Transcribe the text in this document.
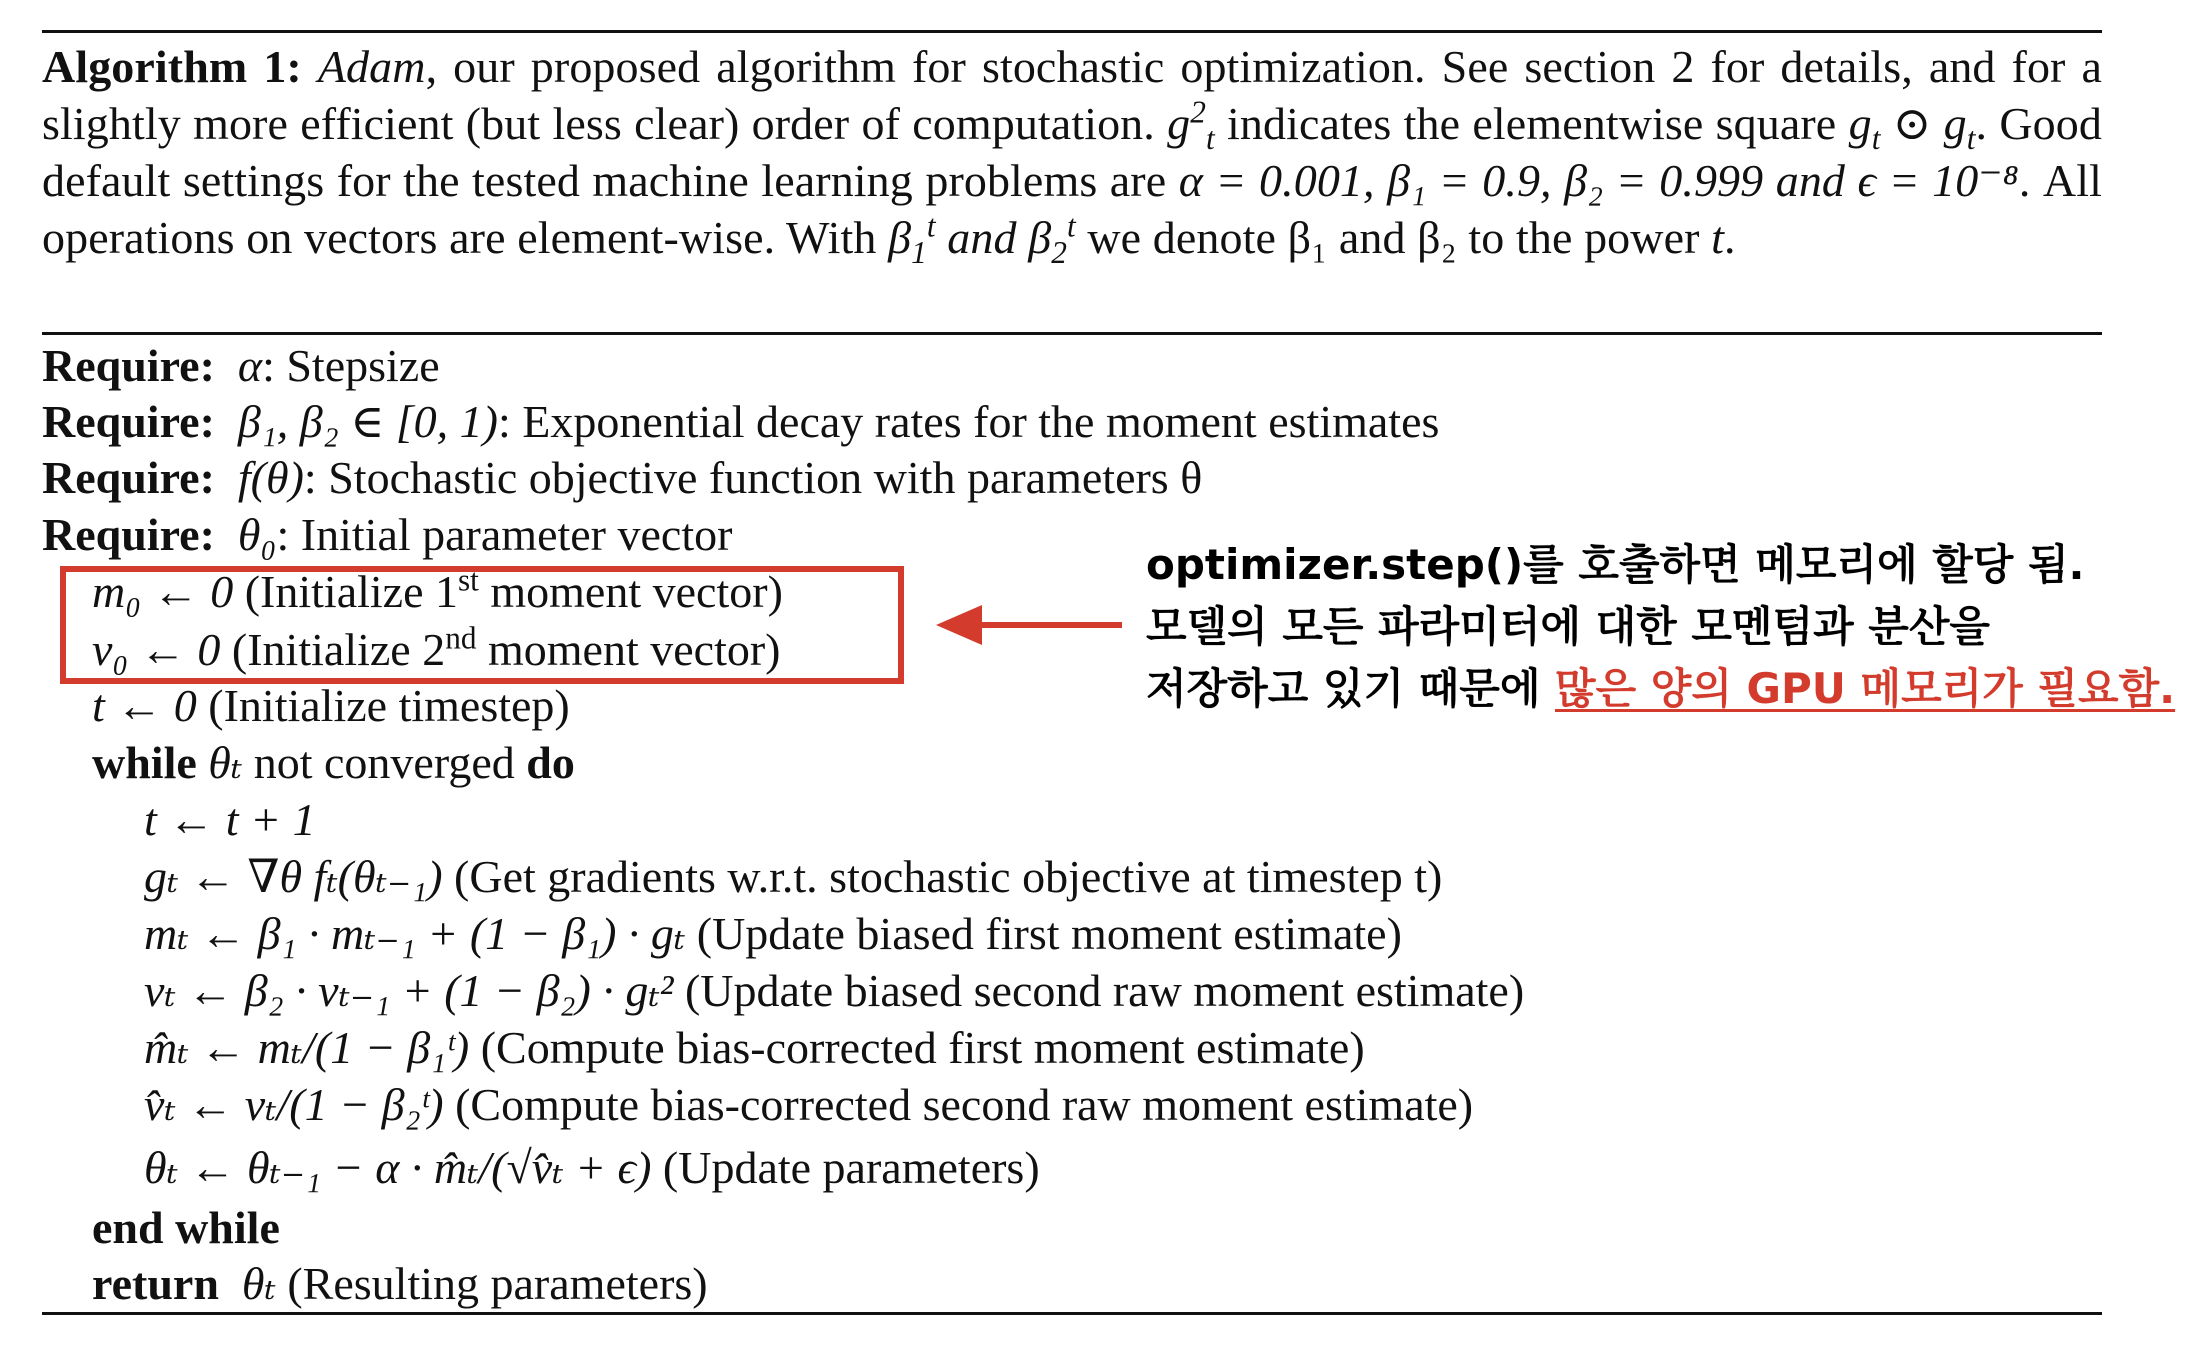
Algorithm 1: Adam, our proposed algorithm for stochastic optimization. See section 2 for details, and for a slightly more efficient (but less clear) order of computation. $g^2_t$ indicates the elementwise square $g_t$ ⊙ $g_t$. Good default settings for the tested machine learning problems are α = 0.001, β₁ = 0.9, β₂ = 0.999 and ϵ = 10⁻⁸. All operations on vectors are element-wise. With $\beta_1^t$ and $\beta_2^t$ we denote β₁ and β₂ to the power t.
Require: α: Stepsize
Require: β₁, β₂ ∈ [0, 1): Exponential decay rates for the moment estimates
Require: f(θ): Stochastic objective function with parameters θ
Require: θ₀: Initial parameter vector
m₀ ← 0 (Initialize 1st moment vector)
v₀ ← 0 (Initialize 2nd moment vector)
t ← 0 (Initialize timestep)
while θₜ not converged do
t ← t + 1
gₜ ← ∇θ fₜ(θₜ₋₁) (Get gradients w.r.t. stochastic objective at timestep t)
mₜ ← β₁ · mₜ₋₁ + (1 − β₁) · gₜ (Update biased first moment estimate)
vₜ ← β₂ · vₜ₋₁ + (1 − β₂) · gₜ² (Update biased second raw moment estimate)
m̂ₜ ← mₜ/(1 − β₁ᵗ) (Compute bias-corrected first moment estimate)
v̂ₜ ← vₜ/(1 − β₂ᵗ) (Compute bias-corrected second raw moment estimate)
θₜ ← θₜ₋₁ − α · m̂ₜ/(√v̂ₜ + ϵ) (Update parameters)
end while
return θₜ (Resulting parameters)
optimizer.step()를 호출하면 메모리에 할당 됨.
모델의 모든 파라미터에 대한 모멘텀과 분산을
저장하고 있기 때문에 많은 양의 GPU 메모리가 필요함.
